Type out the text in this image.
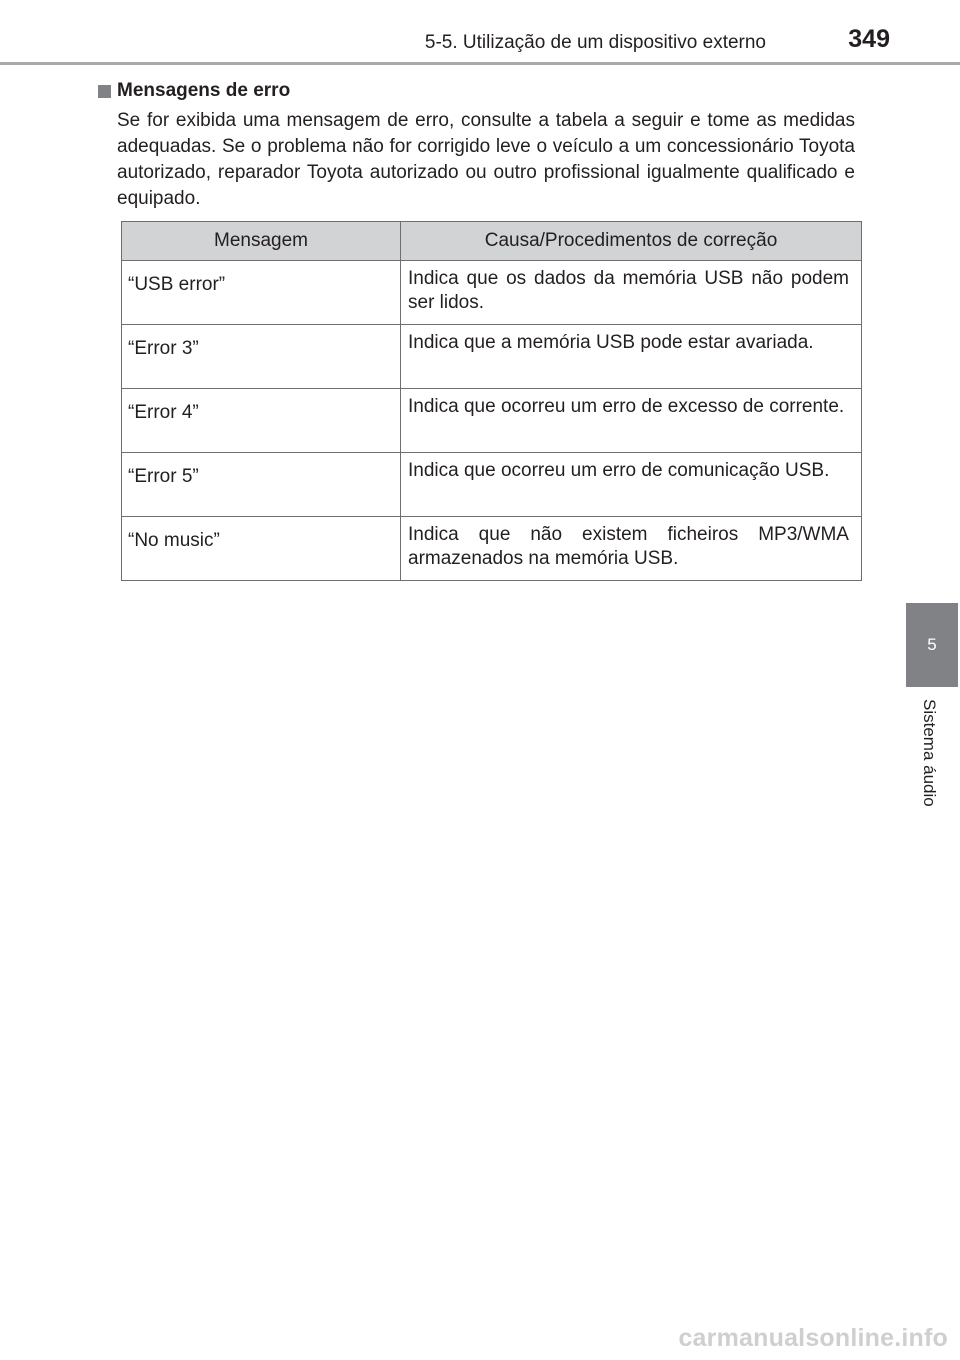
5-5. Utilização de um dispositivo externo	349
Mensagens de erro

Se for exibida uma mensagem de erro, consulte a tabela a seguir e tome as medidas adequadas. Se o problema não for corrigido leve o veículo a um concessionário Toyota autorizado, reparador Toyota autorizado ou outro profissional igualmente qualificado e equipado.

Mensagem	Causa/Procedimentos de correção
“USB error”	Indica que os dados da memória USB não podem ser lidos.
“Error 3”	Indica que a memória USB pode estar avariada.
“Error 4”	Indica que ocorreu um erro de excesso de corrente.
“Error 5”	Indica que ocorreu um erro de comunicação USB.
“No music”	Indica que não existem ficheiros MP3/WMA armazenados na memória USB.
5
Sistema áudio
carmanualsonline.info
